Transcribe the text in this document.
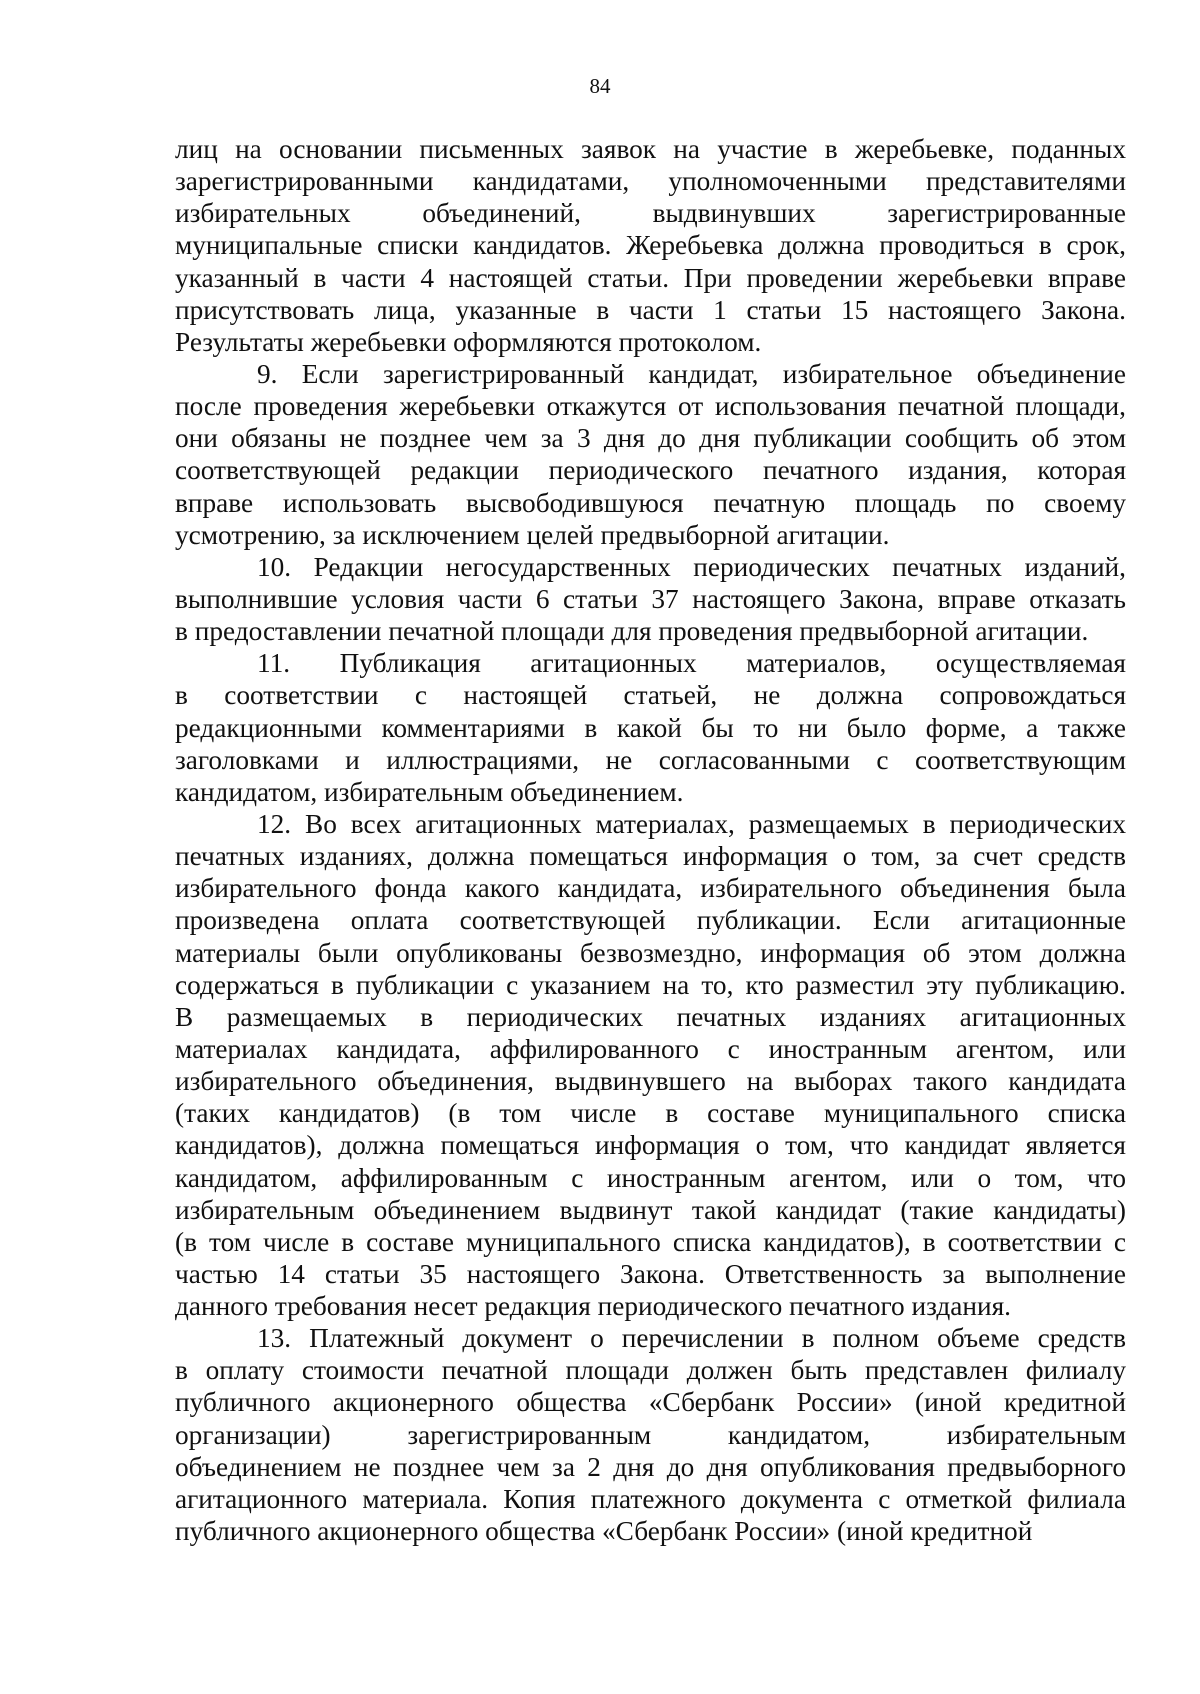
84
лиц на основании письменных заявок на участие в жеребьевке, поданных
зарегистрированными кандидатами, уполномоченными представителями
избирательных объединений, выдвинувших зарегистрированные
муниципальные списки кандидатов. Жеребьевка должна проводиться в срок,
указанный в части 4 настоящей статьи. При проведении жеребьевки вправе
присутствовать лица, указанные в части 1 статьи 15 настоящего Закона.
Результаты жеребьевки оформляются протоколом.
9. Если зарегистрированный кандидат, избирательное объединение
после проведения жеребьевки откажутся от использования печатной площади,
они обязаны не позднее чем за 3 дня до дня публикации сообщить об этом
соответствующей редакции периодического печатного издания, которая
вправе использовать высвободившуюся печатную площадь по своему
усмотрению, за исключением целей предвыборной агитации.
10. Редакции негосударственных периодических печатных изданий,
выполнившие условия части 6 статьи 37 настоящего Закона, вправе отказать
в предоставлении печатной площади для проведения предвыборной агитации.
11. Публикация агитационных материалов, осуществляемая
в соответствии с настоящей статьей, не должна сопровождаться
редакционными комментариями в какой бы то ни было форме, а также
заголовками и иллюстрациями, не согласованными с соответствующим
кандидатом, избирательным объединением.
12. Во всех агитационных материалах, размещаемых в периодических
печатных изданиях, должна помещаться информация о том, за счет средств
избирательного фонда какого кандидата, избирательного объединения была
произведена оплата соответствующей публикации. Если агитационные
материалы были опубликованы безвозмездно, информация об этом должна
содержаться в публикации с указанием на то, кто разместил эту публикацию.
В размещаемых в периодических печатных изданиях агитационных
материалах кандидата, аффилированного с иностранным агентом, или
избирательного объединения, выдвинувшего на выборах такого кандидата
(таких кандидатов) (в том числе в составе муниципального списка
кандидатов), должна помещаться информация о том, что кандидат является
кандидатом, аффилированным с иностранным агентом, или о том, что
избирательным объединением выдвинут такой кандидат (такие кандидаты)
(в том числе в составе муниципального списка кандидатов), в соответствии с
частью 14 статьи 35 настоящего Закона. Ответственность за выполнение
данного требования несет редакция периодического печатного издания.
13. Платежный документ о перечислении в полном объеме средств
в оплату стоимости печатной площади должен быть представлен филиалу
публичного акционерного общества «Сбербанк России» (иной кредитной
организации) зарегистрированным кандидатом, избирательным
объединением не позднее чем за 2 дня до дня опубликования предвыборного
агитационного материала. Копия платежного документа с отметкой филиала
публичного акционерного общества «Сбербанк России» (иной кредитной
